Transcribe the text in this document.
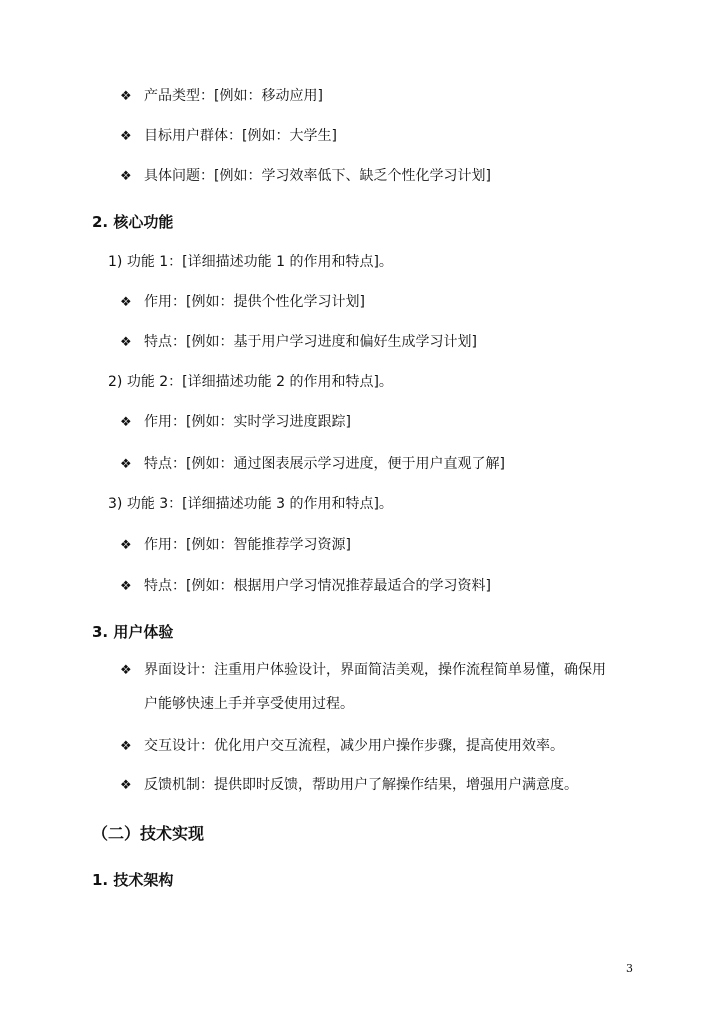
❖ 产品类型：[例如：移动应用]
❖ 目标用户群体：[例如：大学生]
❖ 具体问题：[例如：学习效率低下、缺乏个性化学习计划]
2. 核心功能
1) 功能 1：[详细描述功能 1 的作用和特点]。
❖ 作用：[例如：提供个性化学习计划]
❖ 特点：[例如：基于用户学习进度和偏好生成学习计划]
2) 功能 2：[详细描述功能 2 的作用和特点]。
❖ 作用：[例如：实时学习进度跟踪]
❖ 特点：[例如：通过图表展示学习进度，便于用户直观了解]
3) 功能 3：[详细描述功能 3 的作用和特点]。
❖ 作用：[例如：智能推荐学习资源]
❖ 特点：[例如：根据用户学习情况推荐最适合的学习资料]
3. 用户体验
❖ 界面设计：注重用户体验设计，界面简洁美观，操作流程简单易懂，确保用
户能够快速上手并享受使用过程。
❖ 交互设计：优化用户交互流程，减少用户操作步骤，提高使用效率。
❖ 反馈机制：提供即时反馈，帮助用户了解操作结果，增强用户满意度。
（二）技术实现
1. 技术架构
3
